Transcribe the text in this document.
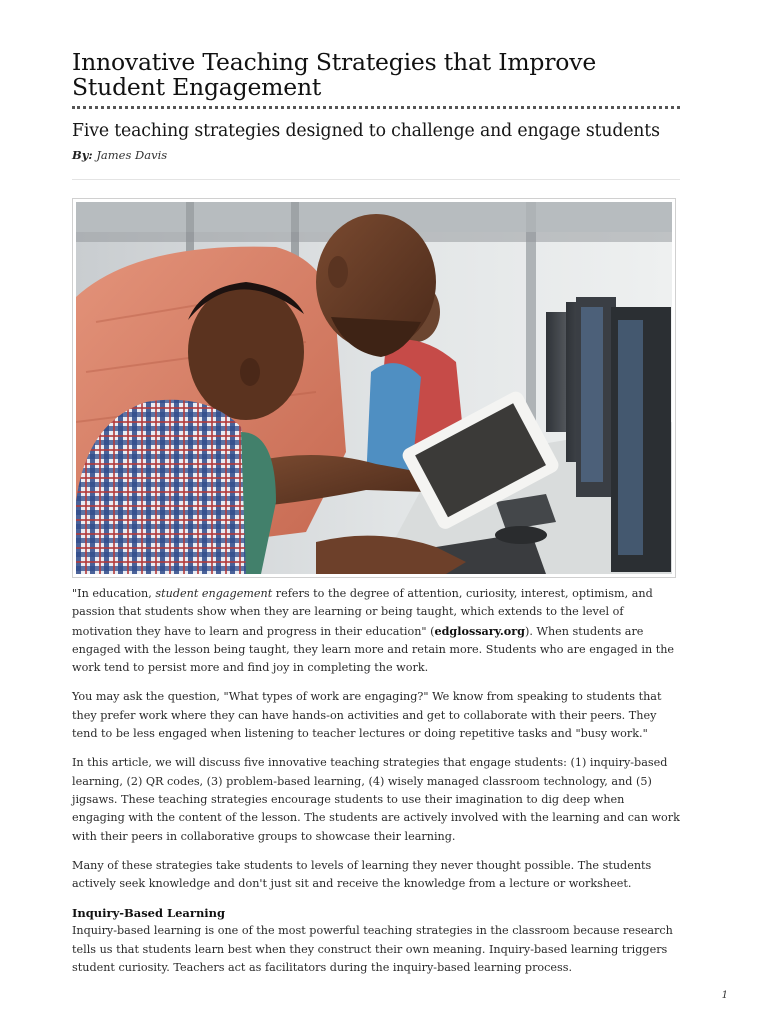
Innovative Teaching Strategies that Improve Student Engagement
Five teaching strategies designed to challenge and engage students
By: James Davis

"In education, student engagement refers to the degree of attention, curiosity, interest, optimism, and passion that students show when they are learning or being taught, which extends to the level of motivation they have to learn and progress in their education" (edglossary.org). When students are engaged with the lesson being taught, they learn more and retain more. Students who are engaged in the work tend to persist more and find joy in completing the work.

You may ask the question, "What types of work are engaging?" We know from speaking to students that they prefer work where they can have hands-on activities and get to collaborate with their peers. They tend to be less engaged when listening to teacher lectures or doing repetitive tasks and "busy work."

In this article, we will discuss five innovative teaching strategies that engage students: (1) inquiry-based learning, (2) QR codes, (3) problem-based learning, (4) wisely managed classroom technology, and (5) jigsaws. These teaching strategies encourage students to use their imagination to dig deep when engaging with the content of the lesson. The students are actively involved with the learning and can work with their peers in collaborative groups to showcase their learning.

Many of these strategies take students to levels of learning they never thought possible. The students actively seek knowledge and don't just sit and receive the knowledge from a lecture or worksheet.

Inquiry-Based Learning

Inquiry-based learning is one of the most powerful teaching strategies in the classroom because research tells us that students learn best when they construct their own meaning. Inquiry-based learning triggers student curiosity. Teachers act as facilitators during the inquiry-based learning process.

1
